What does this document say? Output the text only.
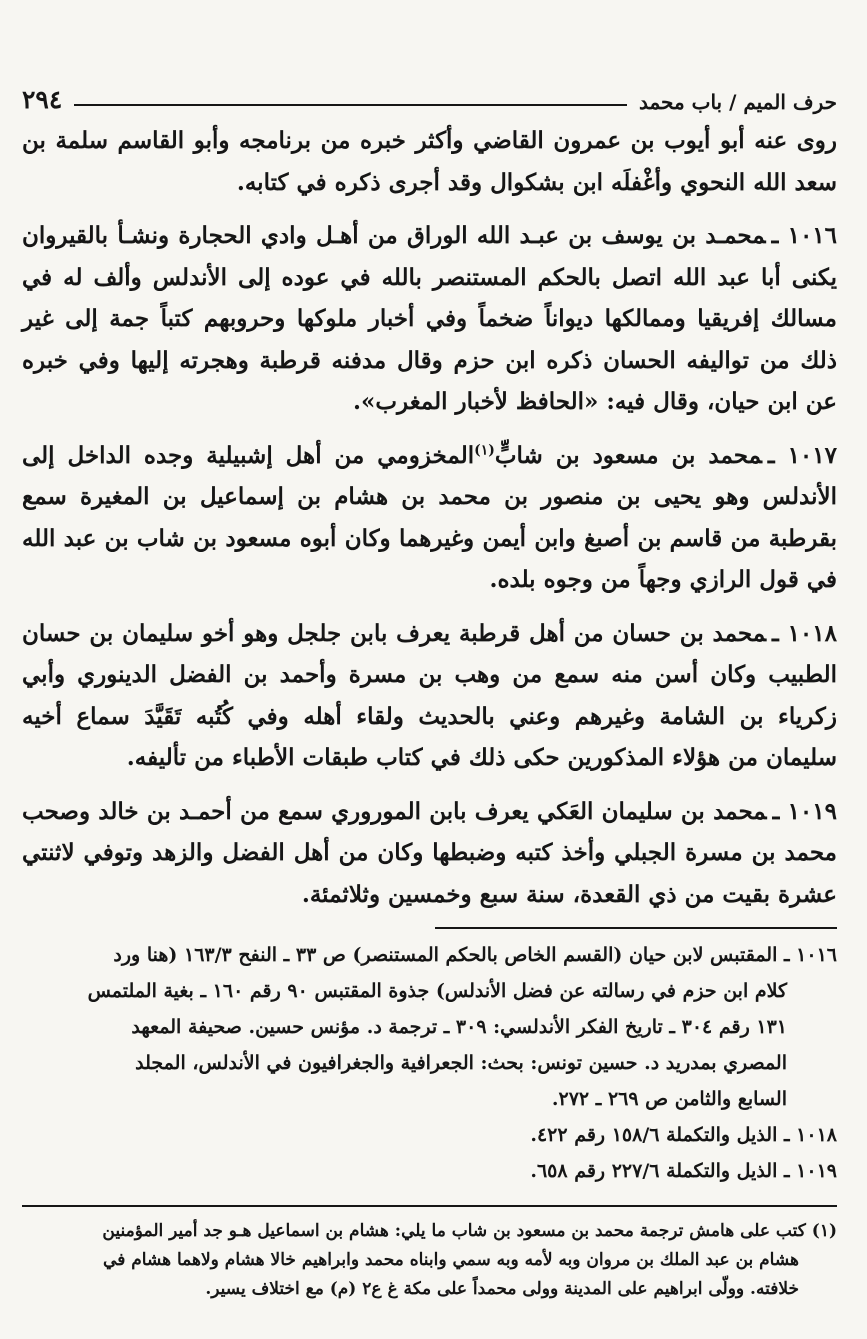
حرف الميم / باب محمد
٢٩٤

روى عنه أبو أيوب بن عمرون القاضي وأكثر خبره من برنامجه وأبو القاسم سلمة بن سعد الله النحوي وأغْفلَه ابن بشكوال وقد أجرى ذكره في كتابه.

١٠١٦ ـمحمـد بن يوسف بن عبـد الله الوراق من أهـل وادي الحجارة ونشـأ بالقيروان يكنى أبا عبد الله اتصل بالحكم المستنصر بالله في عوده إلى الأندلس وألف له في مسالك إفريقيا وممالكها ديواناً ضخماً وفي أخبار ملوكها وحروبهم كتباً جمة إلى غير ذلك من تواليفه الحسان ذكره ابن حزم وقال مدفنه قرطبة وهجرته إليها وفي خبره عن ابن حيان، وقال فيه: «الحافظ لأخبار المغرب».

١٠١٧ ـمحمد بن مسعود بن شابٍّ$^{(١)}$المخزومي من أهل إشبيلية وجده الداخل إلى الأندلس وهو يحيى بن منصور بن محمد بن هشام بن إسماعيل بن المغيرة سمع بقرطبة من قاسم بن أصبغ وابن أيمن وغيرهما وكان أبوه مسعود بن شاب بن عبد الله في قول الرازي وجهاً من وجوه بلده.

١٠١٨ ـمحمد بن حسان من أهل قرطبة يعرف بابن جلجل وهو أخو سليمان بن حسان الطبيب وكان أسن منه سمع من وهب بن مسرة وأحمد بن الفضل الدينوري وأبي زكرياء بن الشامة وغيرهم وعني بالحديث ولقاء أهله وفي كُتُبه تَقَيَّدَ سماع أخيه سليمان من هؤلاء المذكورين حكى ذلك في كتاب طبقات الأطباء من تأليفه.

١٠١٩ ـمحمد بن سليمان العَكي يعرف بابن الموروري سمع من أحمـد بن خالد وصحب محمد بن مسرة الجبلي وأخذ كتبه وضبطها وكان من أهل الفضل والزهد وتوفي لاثنتي عشرة بقيت من ذي القعدة، سنة سبع وخمسين وثلاثمئة.

١٠١٦ ـ المقتبس لابن حيان (القسم الخاص بالحكم المستنصر) ص ٣٣ ـ النفح ١٦٣/٣ (هنا ورد

كلام ابن حزم في رسالته عن فضل الأندلس) جذوة المقتبس ٩٠ رقم ١٦٠ ـ بغية الملتمس

١٣١ رقم ٣٠٤ ـ تاريخ الفكر الأندلسي: ٣٠٩ ـ ترجمة د. مؤنس حسين. صحيفة المعهد

المصري بمدريد د. حسين تونس: بحث: الجعرافية والجغرافيون في الأندلس، المجلد

السابع والثامن ص ٢٦٩ ـ ٢٧٢.

١٠١٨ ـ الذيل والتكملة ١٥٨/٦ رقم ٤٢٢.

١٠١٩ ـ الذيل والتكملة ٢٢٧/٦ رقم ٦٥٨.

(١) كتب على هامش ترجمة محمد بن مسعود بن شاب ما يلي: هشام بن اسماعيل هـو جد أمير المؤمنين

هشام بن عبد الملك بن مروان وبه لأمه وبه سمي وابناه محمد وابراهيم خالا هشام ولاهما هشام في

خلافته. وولّى ابراهيم على المدينة وولى محمداً على مكة غ ع٢ (م) مع اختلاف يسير.
